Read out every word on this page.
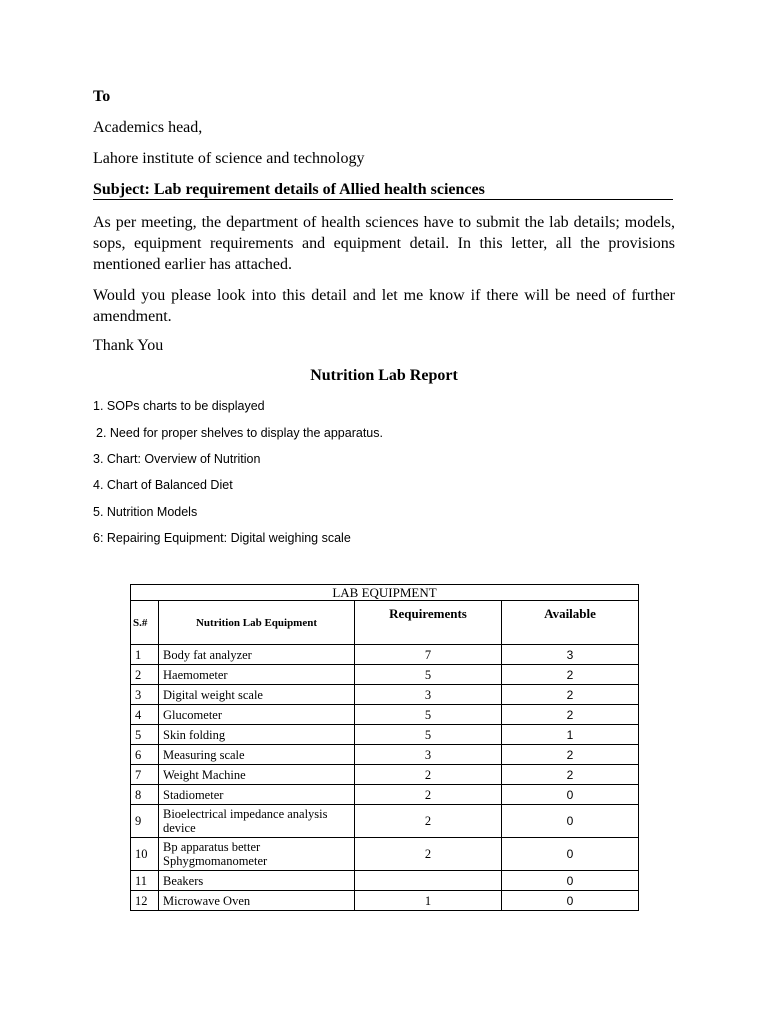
To
Academics head,
Lahore institute of science and technology
Subject: Lab requirement details of Allied health sciences
As per meeting, the department of health sciences have to submit the lab details; models, sops, equipment requirements and equipment detail. In this letter, all the provisions mentioned earlier has attached.
Would you please look into this detail and let me know if there will be need of further amendment.
Thank You
Nutrition Lab Report
1. SOPs charts to be displayed
2. Need for proper shelves to display the apparatus.
3. Chart: Overview of Nutrition
4. Chart of Balanced Diet
5. Nutrition Models
6: Repairing Equipment: Digital weighing scale
LAB EQUIPMENT			
S.#	Nutrition Lab Equipment	Requirements	Available
1	Body fat analyzer	7	3
2	Haemometer	5	2
3	Digital weight scale	3	2
4	Glucometer	5	2
5	Skin folding	5	1
6	Measuring scale	3	2
7	Weight Machine	2	2
8	Stadiometer	2	0
9	Bioelectrical impedance analysis device	2	0
10	Bp apparatus better Sphygmomanometer	2	0
11	Beakers		0
12	Microwave Oven	1	0
